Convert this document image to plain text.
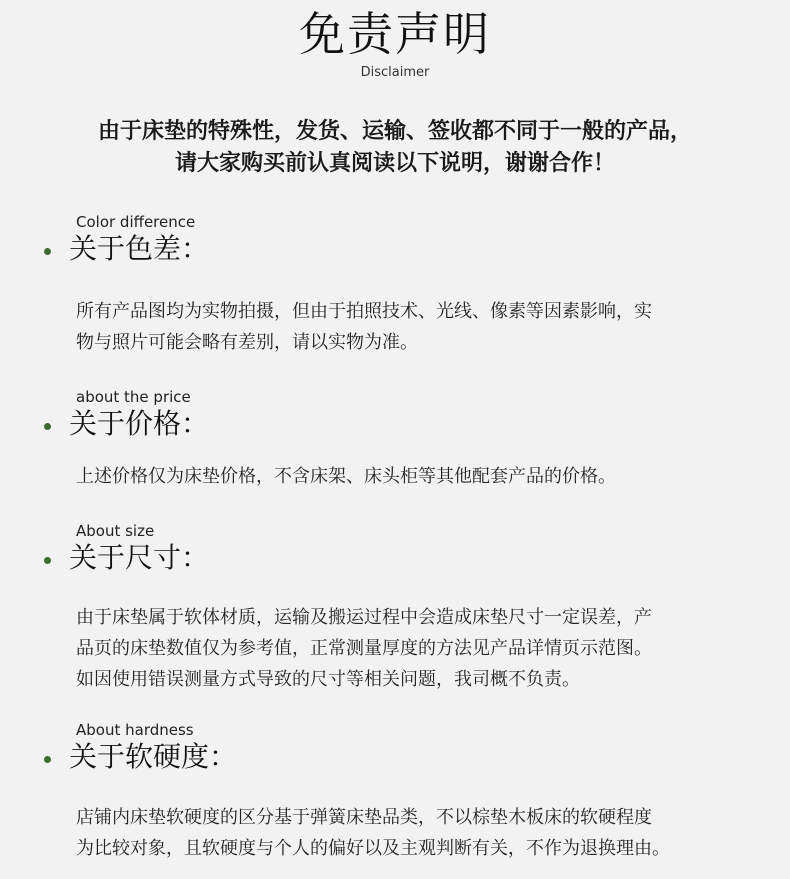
免责声明
Disclaimer
由于床垫的特殊性，发货、运输、签收都不同于一般的产品，
请大家购买前认真阅读以下说明，谢谢合作！
Color difference
关于色差：
所有产品图均为实物拍摄，但由于拍照技术、光线、像素等因素影响，实
物与照片可能会略有差别，请以实物为准。
about the price
关于价格：
上述价格仅为床垫价格，不含床架、床头柜等其他配套产品的价格。
About size
关于尺寸：
由于床垫属于软体材质，运输及搬运过程中会造成床垫尺寸一定误差，产
品页的床垫数值仅为参考值，正常测量厚度的方法见产品详情页示范图。
如因使用错误测量方式导致的尺寸等相关问题，我司概不负责。
About hardness
关于软硬度：
店铺内床垫软硬度的区分基于弹簧床垫品类，不以棕垫木板床的软硬程度
为比较对象，且软硬度与个人的偏好以及主观判断有关，不作为退换理由。
